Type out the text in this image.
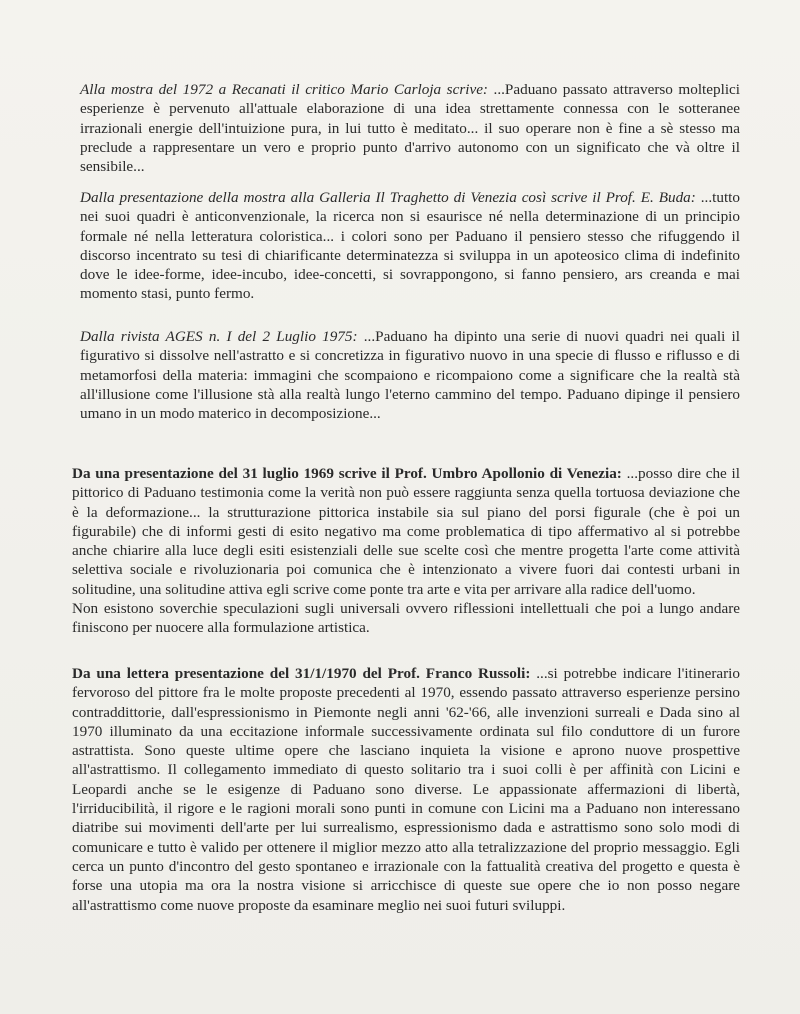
Alla mostra del 1972 a Recanati il critico Mario Carloja scrive: ...Paduano passato attraverso molteplici esperienze è pervenuto all'attuale elaborazione di una idea strettamente connessa con le sotteranee irrazionali energie dell'intuizione pura, in lui tutto è meditato... il suo operare non è fine a sè stesso ma preclude a rappresentare un vero e proprio punto d'arrivo autonomo con un significato che và oltre il sensibile...

Dalla presentazione della mostra alla Galleria Il Traghetto di Venezia così scrive il Prof. E. Buda: ...tutto nei suoi quadri è anticonvenzionale, la ricerca non si esaurisce né nella determinazione di un principio formale né nella letteratura coloristica... i colori sono per Paduano il pensiero stesso che rifuggendo il discorso incentrato su tesi di chiarificante determinatezza si sviluppa in un apoteosico clima di indefinito dove le idee-forme, idee-incubo, idee-concetti, si sovrappongono, si fanno pensiero, ars creanda e mai momento stasi, punto fermo.

Dalla rivista AGES n. I del 2 Luglio 1975: ...Paduano ha dipinto una serie di nuovi quadri nei quali il figurativo si dissolve nell'astratto e si concretizza in figurativo nuovo in una specie di flusso e riflusso e di metamorfosi della materia: immagini che scompaiono e ricompaiono come a significare che la realtà stà all'illusione come l'illusione stà alla realtà lungo l'eterno cammino del tempo. Paduano dipinge il pensiero umano in un modo materico in decomposizione...

Da una presentazione del 31 luglio 1969 scrive il Prof. Umbro Apollonio di Venezia: ...posso dire che il pittorico di Paduano testimonia come la verità non può essere raggiunta senza quella tortuosa deviazione che è la deformazione... la strutturazione pittorica instabile sia sul piano del porsi figurale (che è poi un figurabile) che di informi gesti di esito negativo ma come problematica di tipo affermativo al si potrebbe anche chiarire alla luce degli esiti esistenziali delle sue scelte così che mentre progetta l'arte come attività selettiva sociale e rivoluzionaria poi comunica che è intenzionato a vivere fuori dai contesti urbani in solitudine, una solitudine attiva egli scrive come ponte tra arte e vita per arrivare alla radice dell'uomo.

Non esistono soverchie speculazioni sugli universali ovvero riflessioni intellettuali che poi a lungo andare finiscono per nuocere alla formulazione artistica.

Da una lettera presentazione del 31/1/1970 del Prof. Franco Russoli: ...si potrebbe indicare l'itinerario fervoroso del pittore fra le molte proposte precedenti al 1970, essendo passato attraverso esperienze persino contraddittorie, dall'espressionismo in Piemonte negli anni '62-'66, alle invenzioni surreali e Dada sino al 1970 illuminato da una eccitazione informale successivamente ordinata sul filo conduttore di un furore astrattista. Sono queste ultime opere che lasciano inquieta la visione e aprono nuove prospettive all'astrattismo. Il collegamento immediato di questo solitario tra i suoi colli è per affinità con Licini e Leopardi anche se le esigenze di Paduano sono diverse. Le appassionate affermazioni di libertà, l'irriducibilità, il rigore e le ragioni morali sono punti in comune con Licini ma a Paduano non interessano diatribe sui movimenti dell'arte per lui surrealismo, espressionismo dada e astrattismo sono solo modi di comunicare e tutto è valido per ottenere il miglior mezzo atto alla tetralizzazione del proprio messaggio. Egli cerca un punto d'incontro del gesto spontaneo e irrazionale con la fattualità creativa del progetto e questa è forse una utopia ma ora la nostra visione si arricchisce di queste sue opere che io non posso negare all'astrattismo come nuove proposte da esaminare meglio nei suoi futuri sviluppi.
